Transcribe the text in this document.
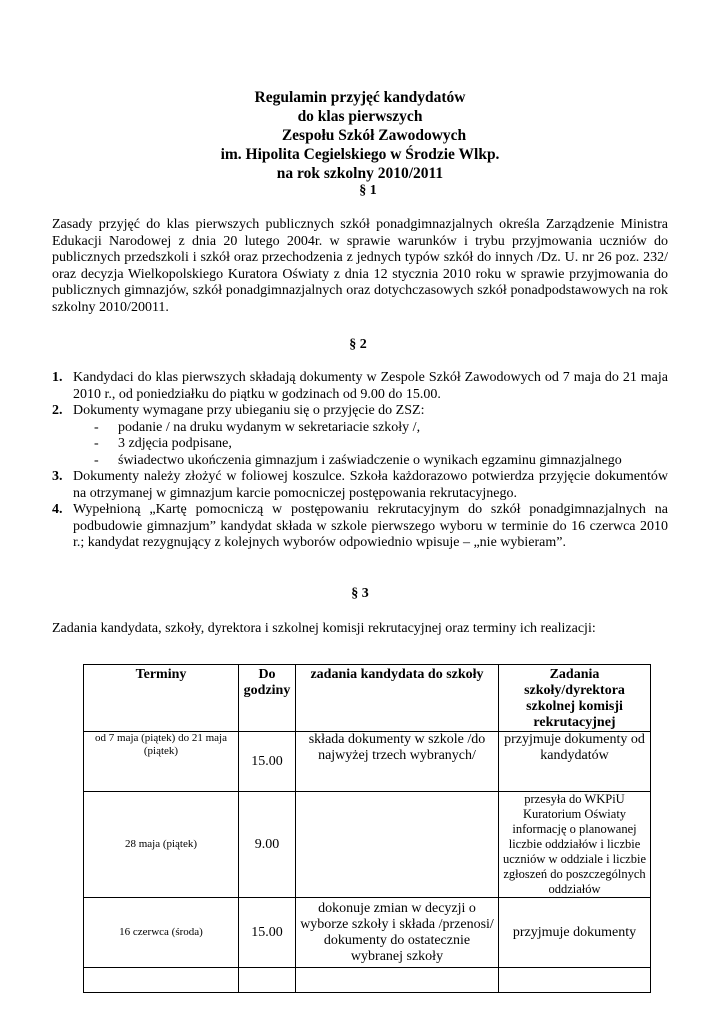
Regulamin przyjęć kandydatów
do klas pierwszych
Zespołu Szkół Zawodowych
im. Hipolita Cegielskiego w Środzie Wlkp.
na rok szkolny 2010/2011
§ 1
Zasady przyjęć do klas pierwszych publicznych szkół ponadgimnazjalnych określa Zarządzenie Ministra Edukacji Narodowej z dnia 20 lutego 2004r. w sprawie warunków i trybu przyjmowania uczniów do publicznych przedszkoli i szkół oraz przechodzenia z jednych typów szkół do innych /Dz. U. nr 26 poz. 232/ oraz decyzja Wielkopolskiego Kuratora Oświaty z dnia 12 stycznia 2010 roku w sprawie przyjmowania do publicznych gimnazjów, szkół ponadgimnazjalnych oraz dotychczasowych szkół ponadpodstawowych na rok szkolny 2010/20011.
§ 2
1. Kandydaci do klas pierwszych składają dokumenty w Zespole Szkół Zawodowych od 7 maja do 21 maja 2010 r., od poniedziałku do piątku w godzinach od 9.00 do 15.00.
2. Dokumenty wymagane przy ubieganiu się o przyjęcie do ZSZ:
- podanie / na druku wydanym w sekretariacie szkoły /,
- 3 zdjęcia podpisane,
- świadectwo ukończenia gimnazjum i zaświadczenie o wynikach egzaminu gimnazjalnego
3. Dokumenty należy złożyć w foliowej koszulce. Szkoła każdorazowo potwierdza przyjęcie dokumentów na otrzymanej w gimnazjum karcie pomocniczej postępowania rekrutacyjnego.
4. Wypełnioną „Kartę pomocniczą w postępowaniu rekrutacyjnym do szkół ponadgimnazjalnych na podbudowie gimnazjum” kandydat składa w szkole pierwszego wyboru w terminie do 16 czerwca 2010 r.; kandydat rezygnujący z kolejnych wyborów odpowiednio wpisuje – „nie wybieram”.
§ 3
Zadania kandydata, szkoły, dyrektora i szkolnej komisji rekrutacyjnej oraz terminy ich realizacji:
Terminy	Do godziny	zadania kandydata do szkoły	Zadania szkoły/dyrektora szkolnej komisji rekrutacyjnej
od 7 maja (piątek) do 21 maja (piątek)	15.00	składa dokumenty w szkole /do najwyżej trzech wybranych/	przyjmuje dokumenty od kandydatów
28 maja (piątek)	9.00		przesyła do WKPiU Kuratorium Oświaty informację o planowanej liczbie oddziałów i liczbie uczniów w oddziale i liczbie zgłoszeń do poszczególnych oddziałów
16 czerwca (środa)	15.00	dokonuje zmian w decyzji o wyborze szkoły i składa /przenosi/ dokumenty do ostatecznie wybranej szkoły	przyjmuje dokumenty
